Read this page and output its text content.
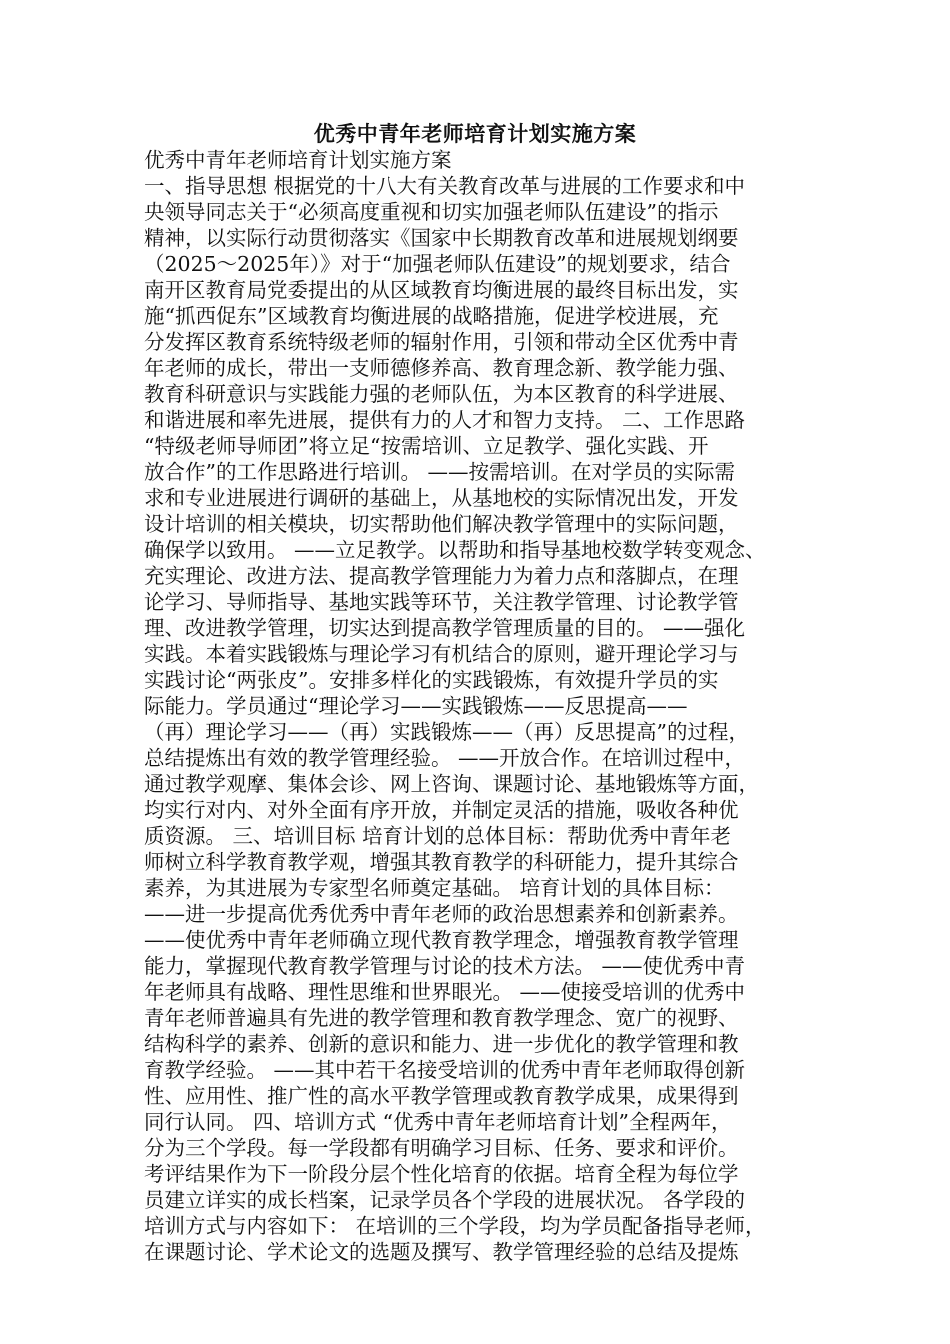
优秀中青年老师培育计划实施方案
优秀中青年老师培育计划实施方案
一、指导思想 根据党的十八大有关教育改革与进展的工作要求和中
央领导同志关于“必须高度重视和切实加强老师队伍建设”的指示
精神，以实际行动贯彻落实《国家中长期教育改革和进展规划纲要
（2025～2025年）》对于“加强老师队伍建设”的规划要求，结合
南开区教育局党委提出的从区域教育均衡进展的最终目标出发，实
施“抓西促东”区域教育均衡进展的战略措施，促进学校进展，充
分发挥区教育系统特级老师的辐射作用，引领和带动全区优秀中青
年老师的成长，带出一支师德修养高、教育理念新、教学能力强、
教育科研意识与实践能力强的老师队伍，为本区教育的科学进展、
和谐进展和率先进展，提供有力的人才和智力支持。 二、工作思路
“特级老师导师团”将立足“按需培训、立足教学、强化实践、开
放合作”的工作思路进行培训。 ——按需培训。在对学员的实际需
求和专业进展进行调研的基础上，从基地校的实际情况出发，开发
设计培训的相关模块，切实帮助他们解决教学管理中的实际问题，
确保学以致用。 ——立足教学。以帮助和指导基地校数学转变观念、
充实理论、改进方法、提高教学管理能力为着力点和落脚点，在理
论学习、导师指导、基地实践等环节，关注教学管理、讨论教学管
理、改进教学管理，切实达到提高教学管理质量的目的。 ——强化
实践。本着实践锻炼与理论学习有机结合的原则，避开理论学习与
实践讨论“两张皮”。安排多样化的实践锻炼，有效提升学员的实
际能力。学员通过“理论学习——实践锻炼——反思提高——
（再）理论学习——（再）实践锻炼——（再）反思提高”的过程，
总结提炼出有效的教学管理经验。 ——开放合作。在培训过程中，
通过教学观摩、集体会诊、网上咨询、课题讨论、基地锻炼等方面，
均实行对内、对外全面有序开放，并制定灵活的措施，吸收各种优
质资源。 三、培训目标 培育计划的总体目标：帮助优秀中青年老
师树立科学教育教学观，增强其教育教学的科研能力，提升其综合
素养，为其进展为专家型名师奠定基础。 培育计划的具体目标：
——进一步提高优秀优秀中青年老师的政治思想素养和创新素养。
——使优秀中青年老师确立现代教育教学理念，增强教育教学管理
能力，掌握现代教育教学管理与讨论的技术方法。 ——使优秀中青
年老师具有战略、理性思维和世界眼光。 ——使接受培训的优秀中
青年老师普遍具有先进的教学管理和教育教学理念、宽广的视野、
结构科学的素养、创新的意识和能力、进一步优化的教学管理和教
育教学经验。 ——其中若干名接受培训的优秀中青年老师取得创新
性、应用性、推广性的高水平教学管理或教育教学成果，成果得到
同行认同。 四、培训方式 “优秀中青年老师培育计划”全程两年，
分为三个学段。每一学段都有明确学习目标、任务、要求和评价。
考评结果作为下一阶段分层个性化培育的依据。培育全程为每位学
员建立详实的成长档案，记录学员各个学段的进展状况。 各学段的
培训方式与内容如下： 在培训的三个学段，均为学员配备指导老师，
在课题讨论、学术论文的选题及撰写、教学管理经验的总结及提炼
